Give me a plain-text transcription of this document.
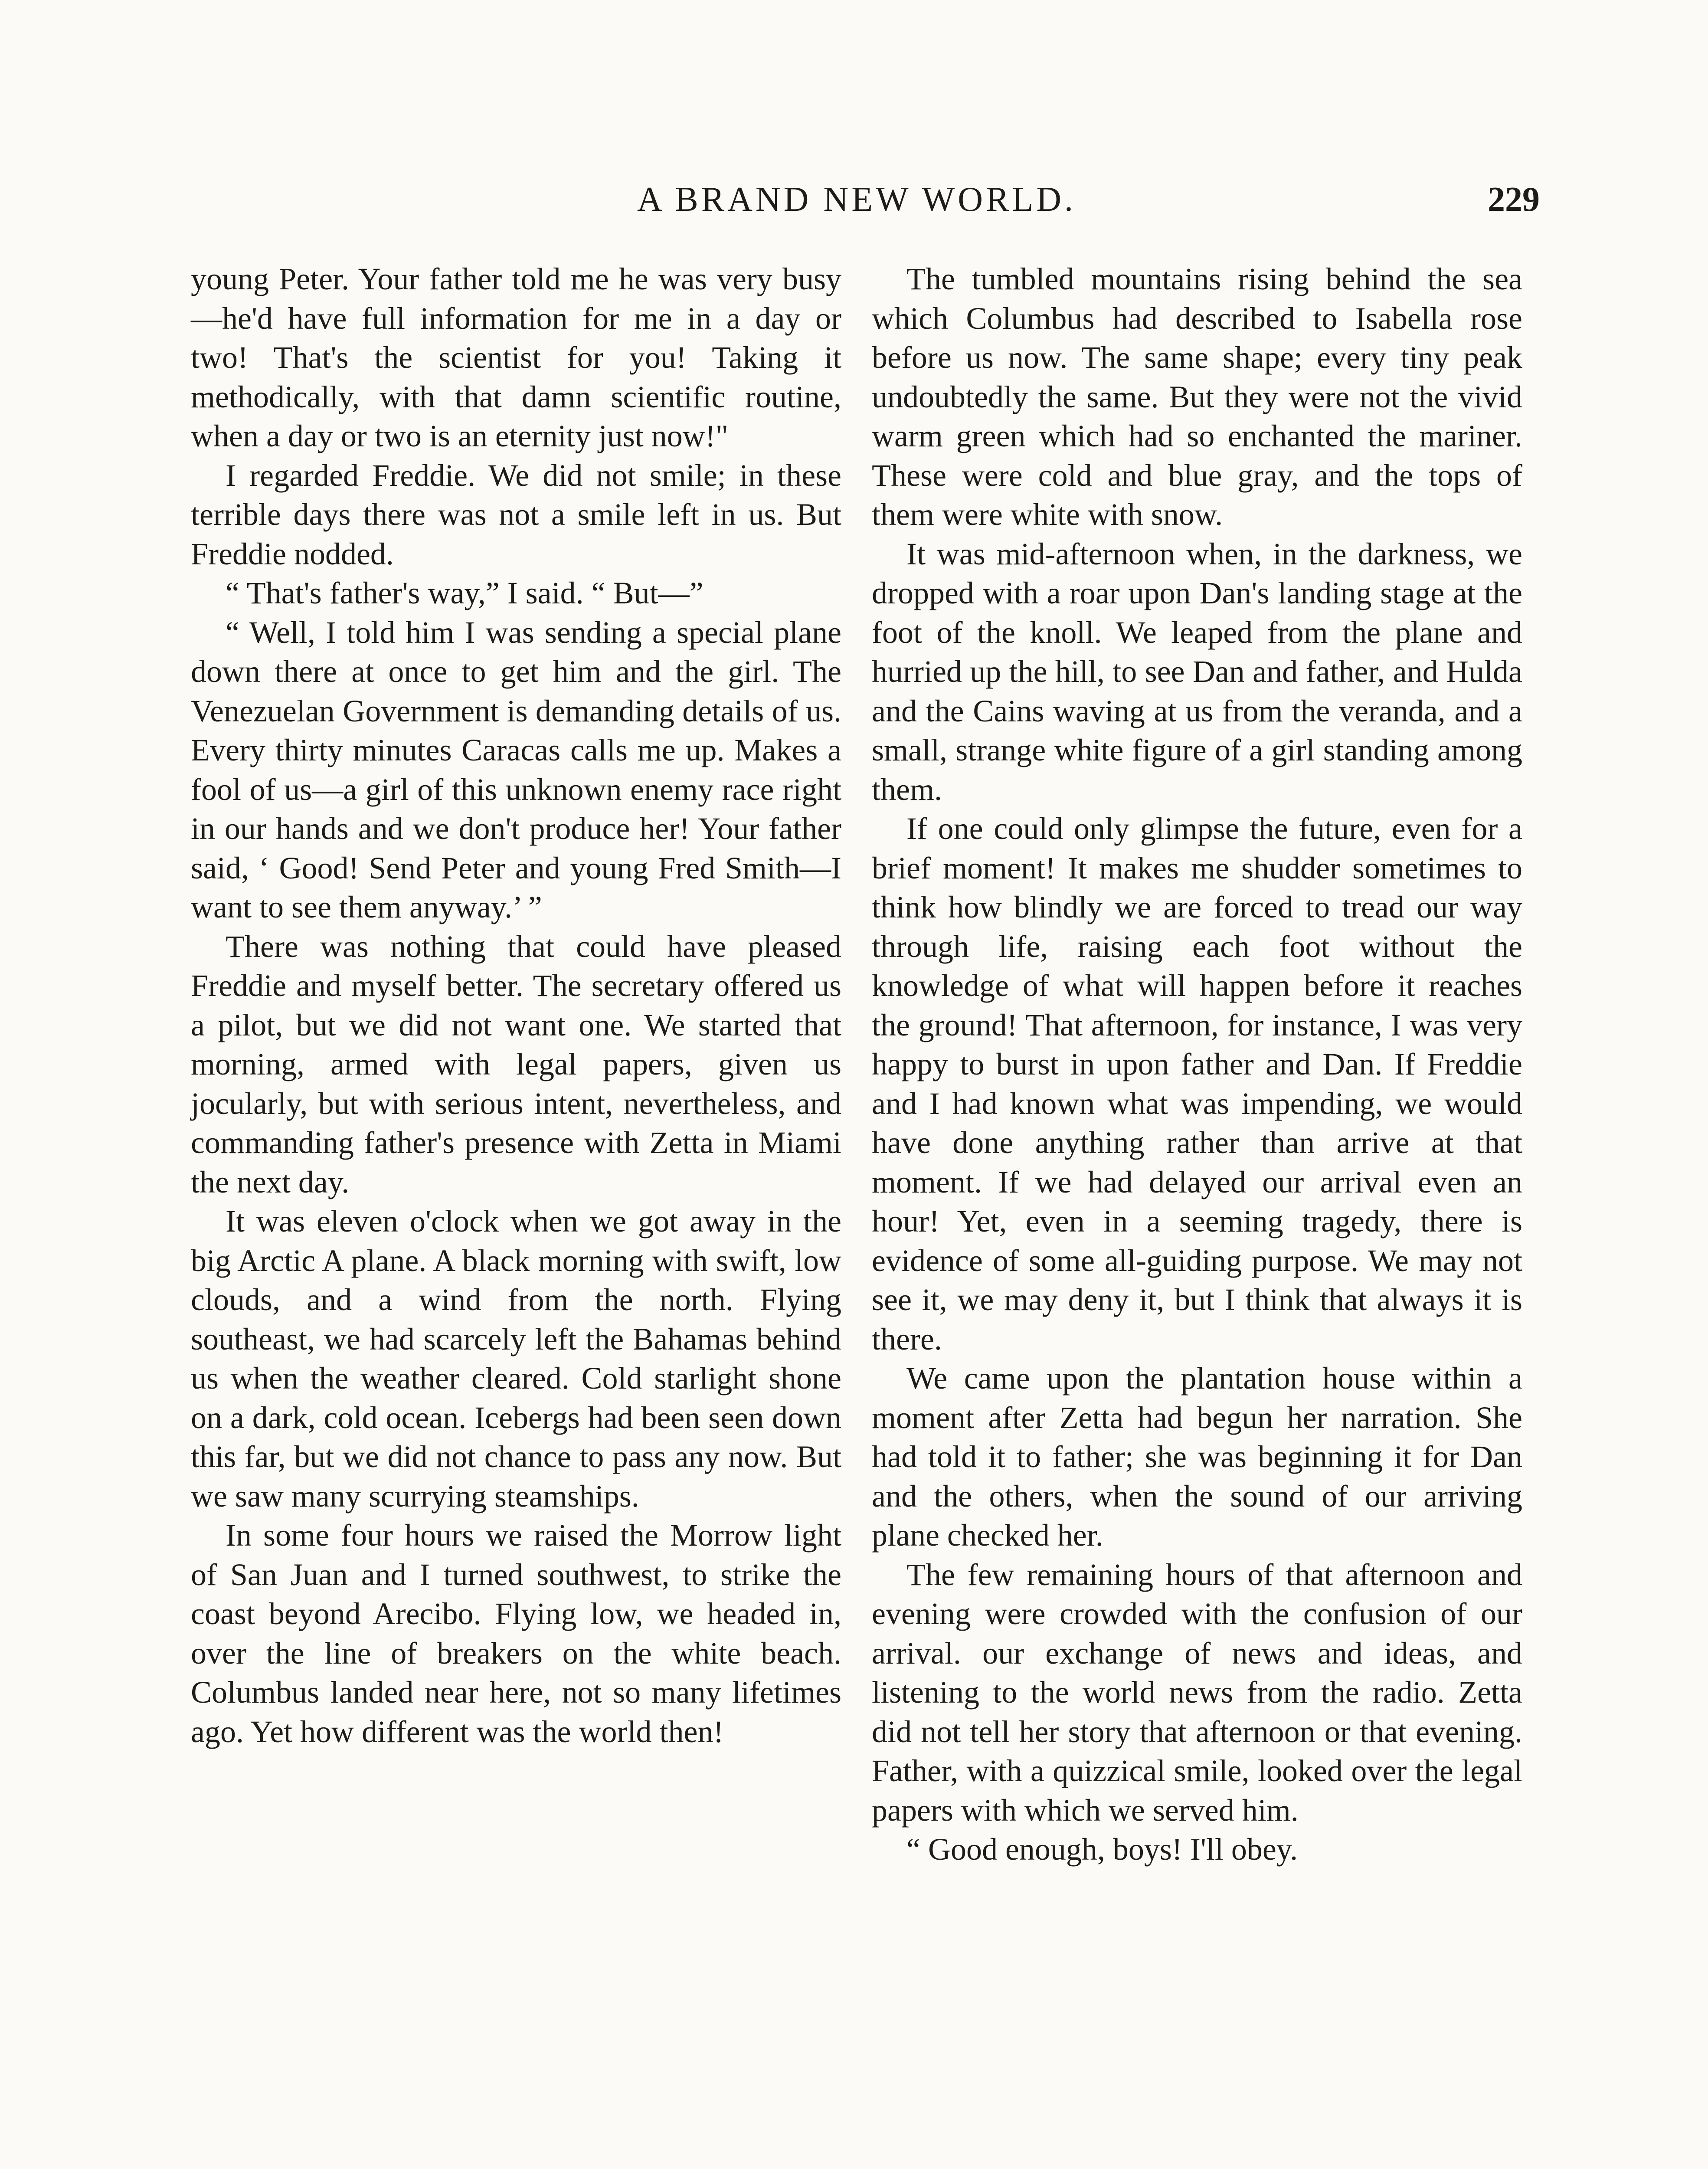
A BRAND NEW WORLD.	229

young Peter. Your father told me he was very busy—he'd have full information for me in a day or two! That's the scientist for you! Taking it methodically, with that damn scientific routine, when a day or two is an eternity just now!"

I regarded Freddie. We did not smile; in these terrible days there was not a smile left in us. But Freddie nodded.

“ That's father's way,” I said. “ But—”

“ Well, I told him I was sending a special plane down there at once to get him and the girl. The Venezuelan Government is demanding details of us. Every thirty minutes Caracas calls me up. Makes a fool of us—a girl of this unknown enemy race right in our hands and we don't produce her! Your father said, ‘ Good! Send Peter and young Fred Smith—I want to see them anyway.’ ”

There was nothing that could have pleased Freddie and myself better. The secretary offered us a pilot, but we did not want one. We started that morning, armed with legal papers, given us jocularly, but with serious intent, nevertheless, and commanding father's presence with Zetta in Miami the next day.

It was eleven o'clock when we got away in the big Arctic A plane. A black morning with swift, low clouds, and a wind from the north. Flying southeast, we had scarcely left the Bahamas behind us when the weather cleared. Cold starlight shone on a dark, cold ocean. Icebergs had been seen down this far, but we did not chance to pass any now. But we saw many scurrying steamships.

In some four hours we raised the Morrow light of San Juan and I turned southwest, to strike the coast beyond Arecibo. Flying low, we headed in, over the line of breakers on the white beach. Columbus landed near here, not so many lifetimes ago. Yet how different was the world then!

The tumbled mountains rising behind the sea which Columbus had described to Isabella rose before us now. The same shape; every tiny peak undoubtedly the same. But they were not the vivid warm green which had so enchanted the mariner. These were cold and blue gray, and the tops of them were white with snow.

It was mid-afternoon when, in the darkness, we dropped with a roar upon Dan's landing stage at the foot of the knoll. We leaped from the plane and hurried up the hill, to see Dan and father, and Hulda and the Cains waving at us from the veranda, and a small, strange white figure of a girl standing among them.

If one could only glimpse the future, even for a brief moment! It makes me shudder sometimes to think how blindly we are forced to tread our way through life, raising each foot without the knowledge of what will happen before it reaches the ground! That afternoon, for instance, I was very happy to burst in upon father and Dan. If Freddie and I had known what was impending, we would have done anything rather than arrive at that moment. If we had delayed our arrival even an hour! Yet, even in a seeming tragedy, there is evidence of some all-guiding purpose. We may not see it, we may deny it, but I think that always it is there.

We came upon the plantation house within a moment after Zetta had begun her narration. She had told it to father; she was beginning it for Dan and the others, when the sound of our arriving plane checked her.

The few remaining hours of that afternoon and evening were crowded with the confusion of our arrival. our exchange of news and ideas, and listening to the world news from the radio. Zetta did not tell her story that afternoon or that evening. Father, with a quizzical smile, looked over the legal papers with which we served him.

“ Good enough, boys! I'll obey.
